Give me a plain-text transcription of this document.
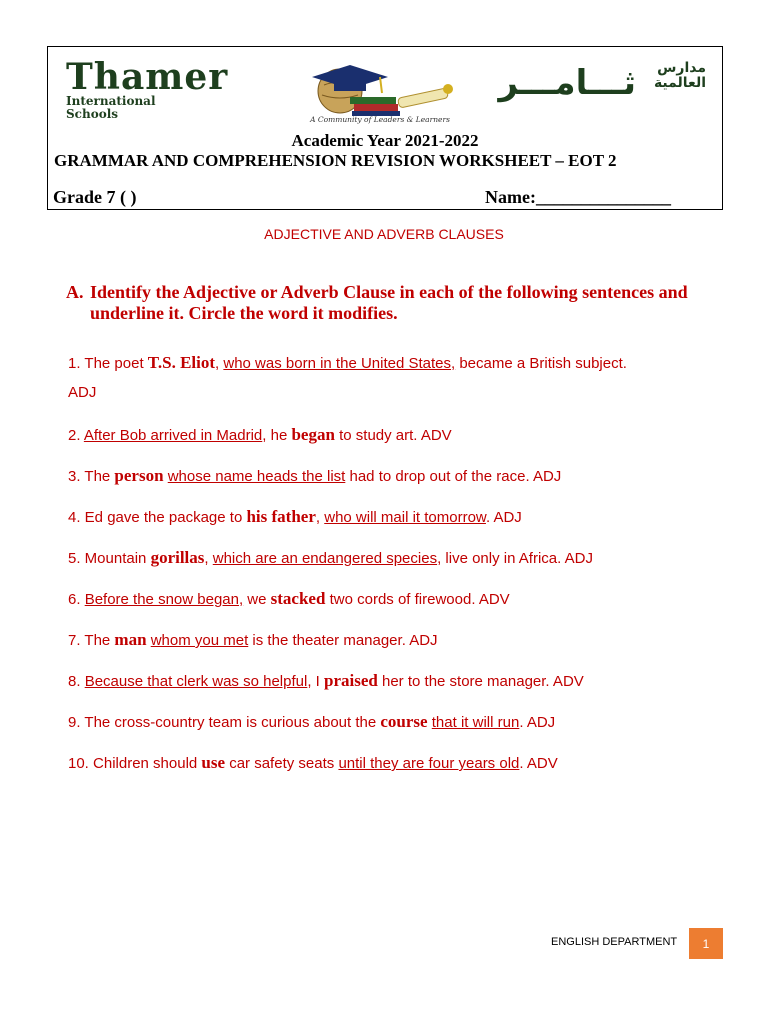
Thamer
International
Schools	A Community of Leaders & Learners
مدارس
العالمية
ثـــامـــر
Academic Year 2021-2022
GRAMMAR AND COMPREHENSION REVISION WORKSHEET – EOT 2
Grade 7 ( )	Name:_______________
ADJECTIVE AND ADVERB CLAUSES
A. Identify the Adjective or Adverb Clause in each of the following sentences and underline it. Circle the word it modifies.
1. The poet T.S. Eliot, who was born in the United States, became a British subject.
ADJ
2. After Bob arrived in Madrid, he began to study art. ADV
3. The person whose name heads the list had to drop out of the race. ADJ
4. Ed gave the package to his father, who will mail it tomorrow. ADJ
5. Mountain gorillas, which are an endangered species, live only in Africa. ADJ
6. Before the snow began, we stacked two cords of firewood. ADV
7. The man whom you met is the theater manager. ADJ
8. Because that clerk was so helpful, I praised her to the store manager. ADV
9. The cross-country team is curious about the course that it will run. ADJ
10. Children should use car safety seats until they are four years old. ADV
ENGLISH DEPARTMENT	1
